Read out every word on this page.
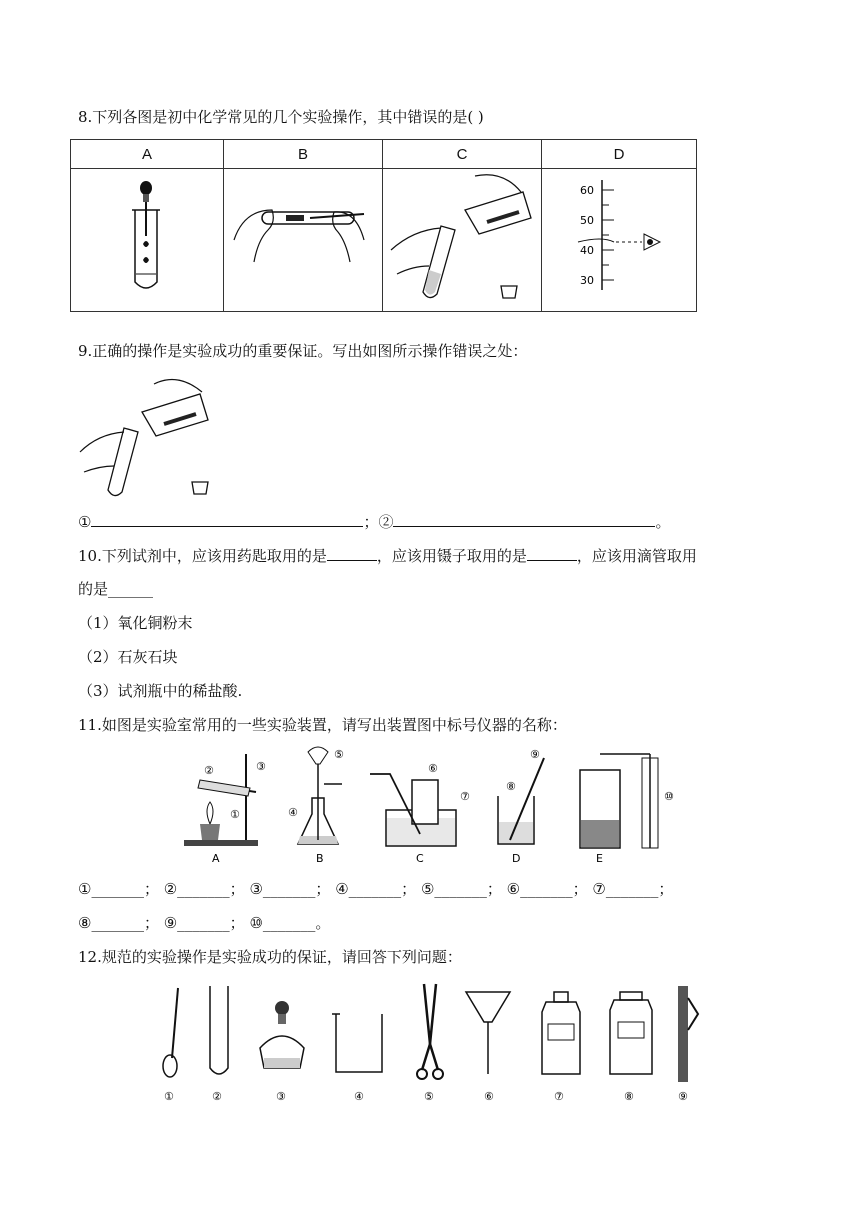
8.下列各图是初中化学常见的几个实验操作，其中错误的是( )
A	B	C	D

60
50
40
30
9.正确的操作是实验成功的重要保证。写出如图所示操作错误之处：
①	；②	。
10.下列试剂中，应该用药匙取用的是	，应该用镊子取用的是	，应该用滴管取用
的是______
（1）氧化铜粉末
（2）石灰石块
（3）试剂瓶中的稀盐酸.
11.如图是实验室常用的一些实验装置，请写出装置图中标号仪器的名称：
A
①
②	③
B
④
⑤
C
⑥
⑦
D
⑧
⑨
E
⑩
①_______； ②_______； ③_______； ④_______； ⑤_______； ⑥_______； ⑦_______；
⑧_______； ⑨_______； ⑩_______。
12.规范的实验操作是实验成功的保证，请回答下列问题：
①	②	③	④	⑤	⑥	⑦	⑧	⑨
